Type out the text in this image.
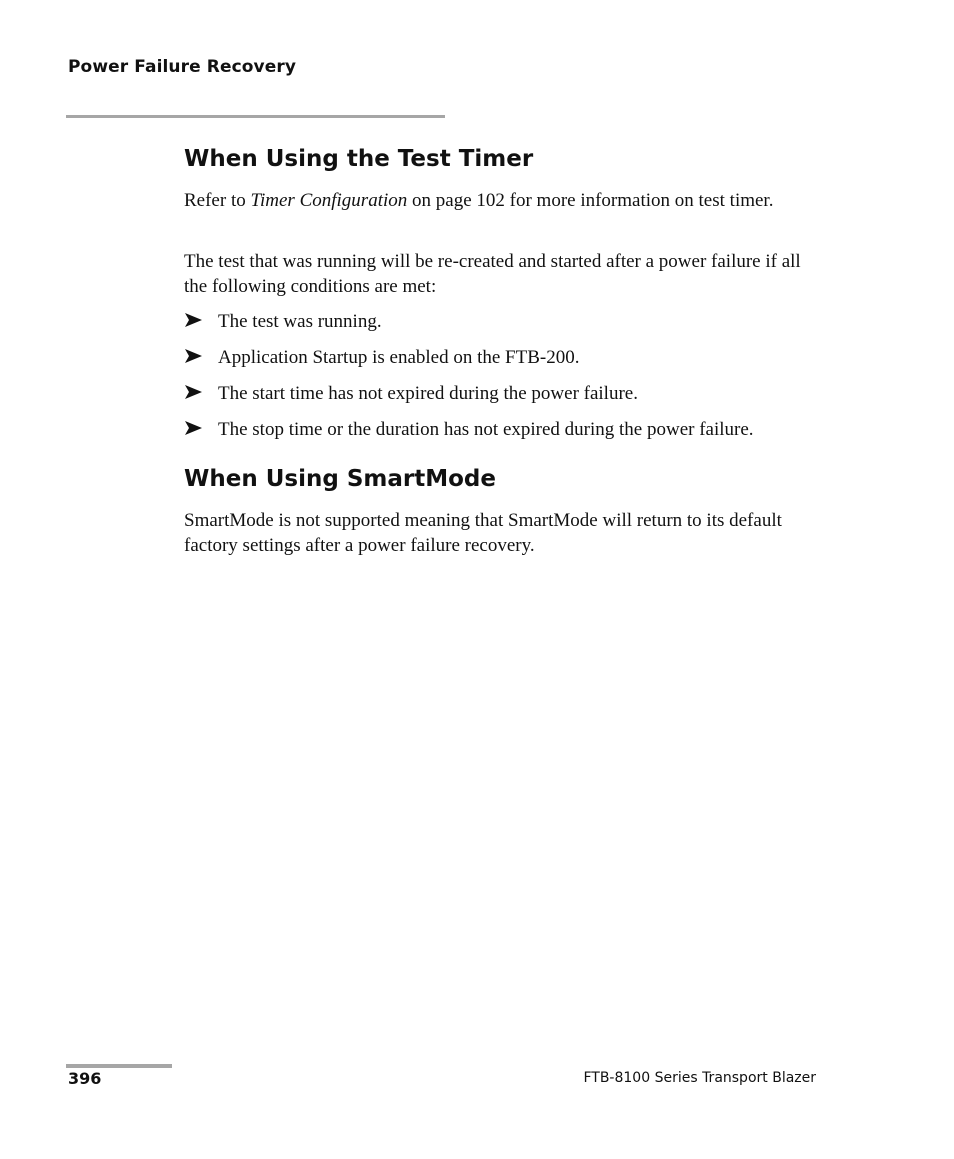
Power Failure Recovery
When Using the Test Timer

Refer to Timer Configuration on page 102 for more information on test timer.

The test that was running will be re-created and started after a power failure if all the following conditions are met:

The test was running.
Application Startup is enabled on the FTB-200.
The start time has not expired during the power failure.
The stop time or the duration has not expired during the power failure.
When Using SmartMode

SmartMode is not supported meaning that SmartMode will return to its default factory settings after a power failure recovery.

396	FTB-8100 Series Transport Blazer
